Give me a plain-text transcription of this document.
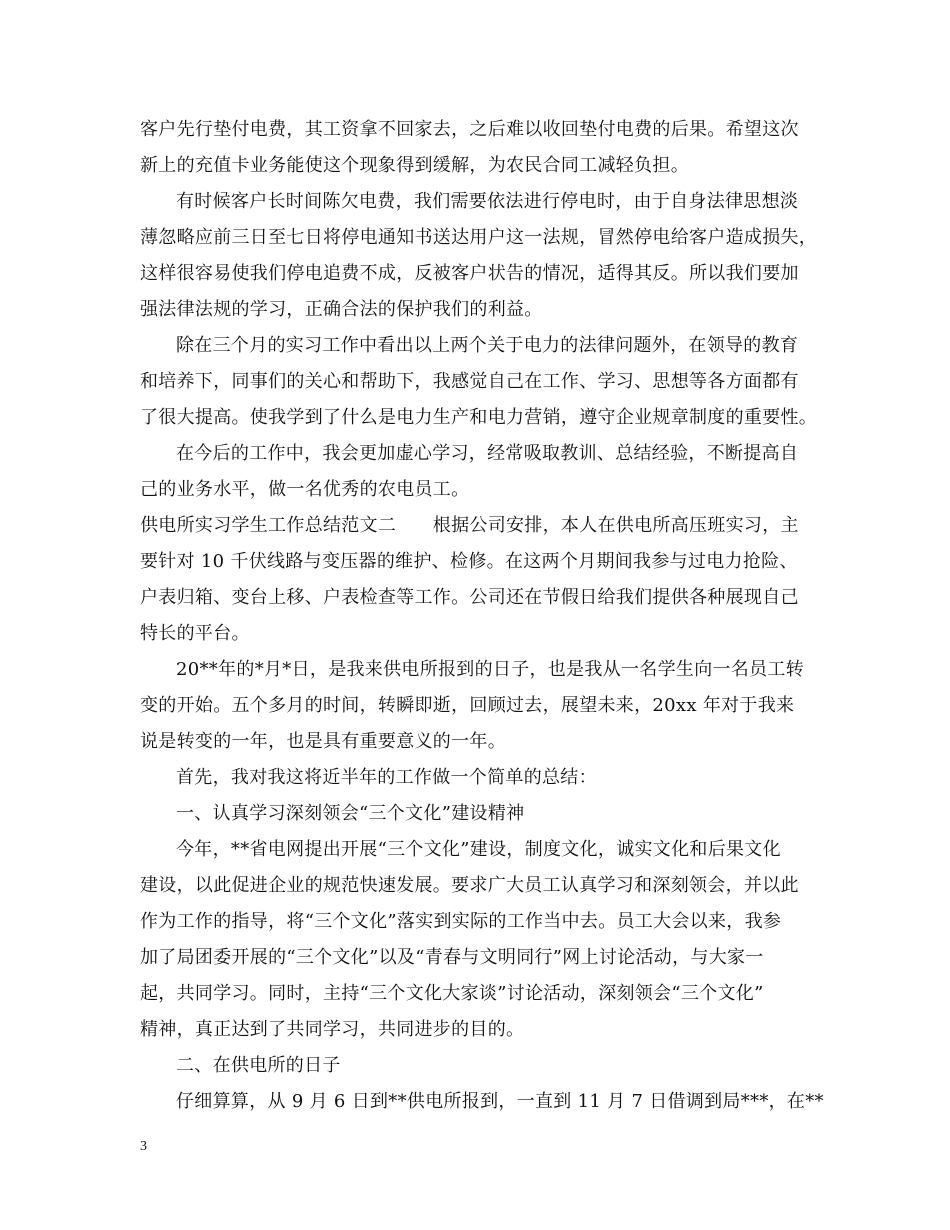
客户先行垫付电费，其工资拿不回家去，之后难以收回垫付电费的后果。希望这次
新上的充值卡业务能使这个现象得到缓解，为农民合同工减轻负担。
有时候客户长时间陈欠电费，我们需要依法进行停电时，由于自身法律思想淡
薄忽略应前三日至七日将停电通知书送达用户这一法规，冒然停电给客户造成损失，
这样很容易使我们停电追费不成，反被客户状告的情况，适得其反。所以我们要加
强法律法规的学习，正确合法的保护我们的利益。
除在三个月的实习工作中看出以上两个关于电力的法律问题外，在领导的教育
和培养下，同事们的关心和帮助下，我感觉自己在工作、学习、思想等各方面都有
了很大提高。使我学到了什么是电力生产和电力营销，遵守企业规章制度的重要性。
在今后的工作中，我会更加虚心学习，经常吸取教训、总结经验，不断提高自
己的业务水平，做一名优秀的农电员工。
供电所实习学生工作总结范文二　　根据公司安排，本人在供电所高压班实习，主
要针对 10 千伏线路与变压器的维护、检修。在这两个月期间我参与过电力抢险、
户表归箱、变台上移、户表检查等工作。公司还在节假日给我们提供各种展现自己
特长的平台。
20**年的*月*日，是我来供电所报到的日子，也是我从一名学生向一名员工转
变的开始。五个多月的时间，转瞬即逝，回顾过去，展望未来，20xx 年对于我来
说是转变的一年，也是具有重要意义的一年。
首先，我对我这将近半年的工作做一个简单的总结：
一、认真学习深刻领会“三个文化”建设精神
今年，**省电网提出开展“三个文化”建设，制度文化，诚实文化和后果文化
建设，以此促进企业的规范快速发展。要求广大员工认真学习和深刻领会，并以此
作为工作的指导，将“三个文化”落实到实际的工作当中去。员工大会以来，我参
加了局团委开展的“三个文化”以及“青春与文明同行”网上讨论活动，与大家一
起，共同学习。同时，主持“三个文化大家谈”讨论活动，深刻领会“三个文化”
精神，真正达到了共同学习，共同进步的目的。
二、在供电所的日子
仔细算算，从 9 月 6 日到**供电所报到，一直到 11 月 7 日借调到局***，在**
3
